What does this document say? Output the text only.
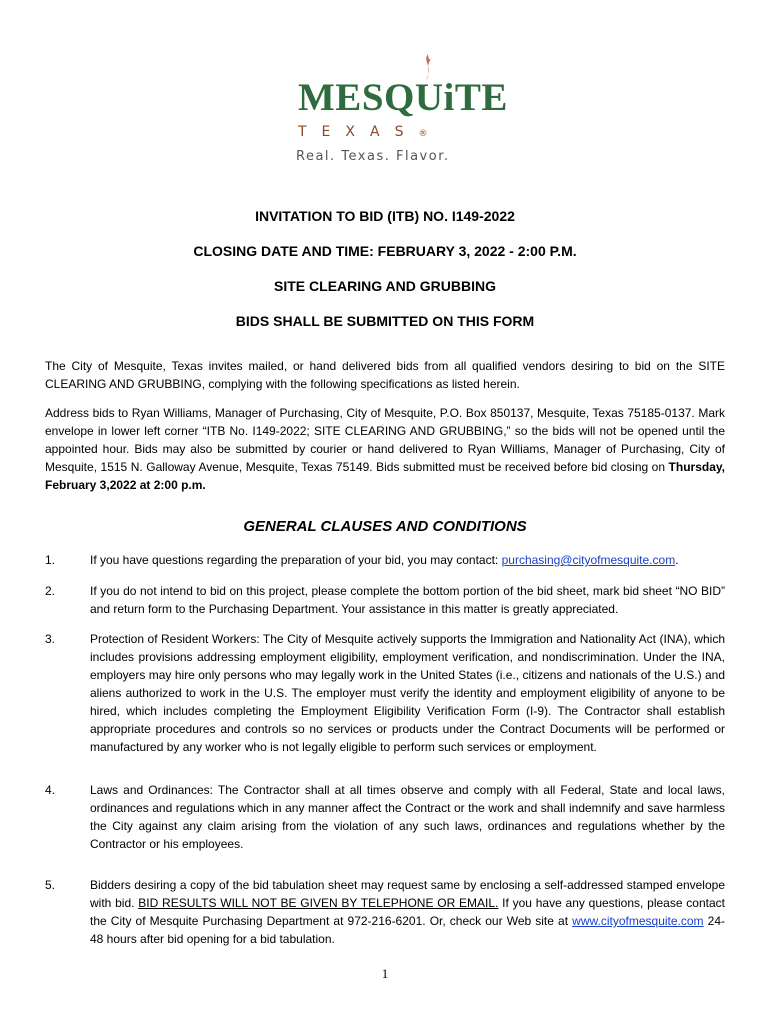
MESQUiTE
TEXAS®
Real. Texas. Flavor.
INVITATION TO BID (ITB) NO. I149-2022
CLOSING DATE AND TIME: FEBRUARY 3, 2022 - 2:00 P.M.
SITE CLEARING AND GRUBBING
BIDS SHALL BE SUBMITTED ON THIS FORM

The City of Mesquite, Texas invites mailed, or hand delivered bids from all qualified vendors desiring to bid on the SITE CLEARING AND GRUBBING, complying with the following specifications as listed herein.

Address bids to Ryan Williams, Manager of Purchasing, City of Mesquite, P.O. Box 850137, Mesquite, Texas 75185-0137. Mark envelope in lower left corner “ITB No. I149-2022; SITE CLEARING AND GRUBBING,” so the bids will not be opened until the appointed hour. Bids may also be submitted by courier or hand delivered to Ryan Williams, Manager of Purchasing, City of Mesquite, 1515 N. Galloway Avenue, Mesquite, Texas 75149. Bids submitted must be received before bid closing on Thursday, February 3,2022 at 2:00 p.m.

GENERAL CLAUSES AND CONDITIONS
1.	If you have questions regarding the preparation of your bid, you may contact: purchasing@cityofmesquite.com.

2.	If you do not intend to bid on this project, please complete the bottom portion of the bid sheet, mark bid sheet “NO BID” and return form to the Purchasing Department. Your assistance in this matter is greatly appreciated.

3.	Protection of Resident Workers: The City of Mesquite actively supports the Immigration and Nationality Act (INA), which includes provisions addressing employment eligibility, employment verification, and nondiscrimination. Under the INA, employers may hire only persons who may legally work in the United States (i.e., citizens and nationals of the U.S.) and aliens authorized to work in the U.S. The employer must verify the identity and employment eligibility of anyone to be hired, which includes completing the Employment Eligibility Verification Form (I-9). The Contractor shall establish appropriate procedures and controls so no services or products under the Contract Documents will be performed or manufactured by any worker who is not legally eligible to perform such services or employment.

4.	Laws and Ordinances: The Contractor shall at all times observe and comply with all Federal, State and local laws, ordinances and regulations which in any manner affect the Contract or the work and shall indemnify and save harmless the City against any claim arising from the violation of any such laws, ordinances and regulations whether by the Contractor or his employees.

5.	Bidders desiring a copy of the bid tabulation sheet may request same by enclosing a self-addressed stamped envelope with bid. BID RESULTS WILL NOT BE GIVEN BY TELEPHONE OR EMAIL. If you have any questions, please contact the City of Mesquite Purchasing Department at 972-216-6201. Or, check our Web site at www.cityofmesquite.com 24-48 hours after bid opening for a bid tabulation.

1
